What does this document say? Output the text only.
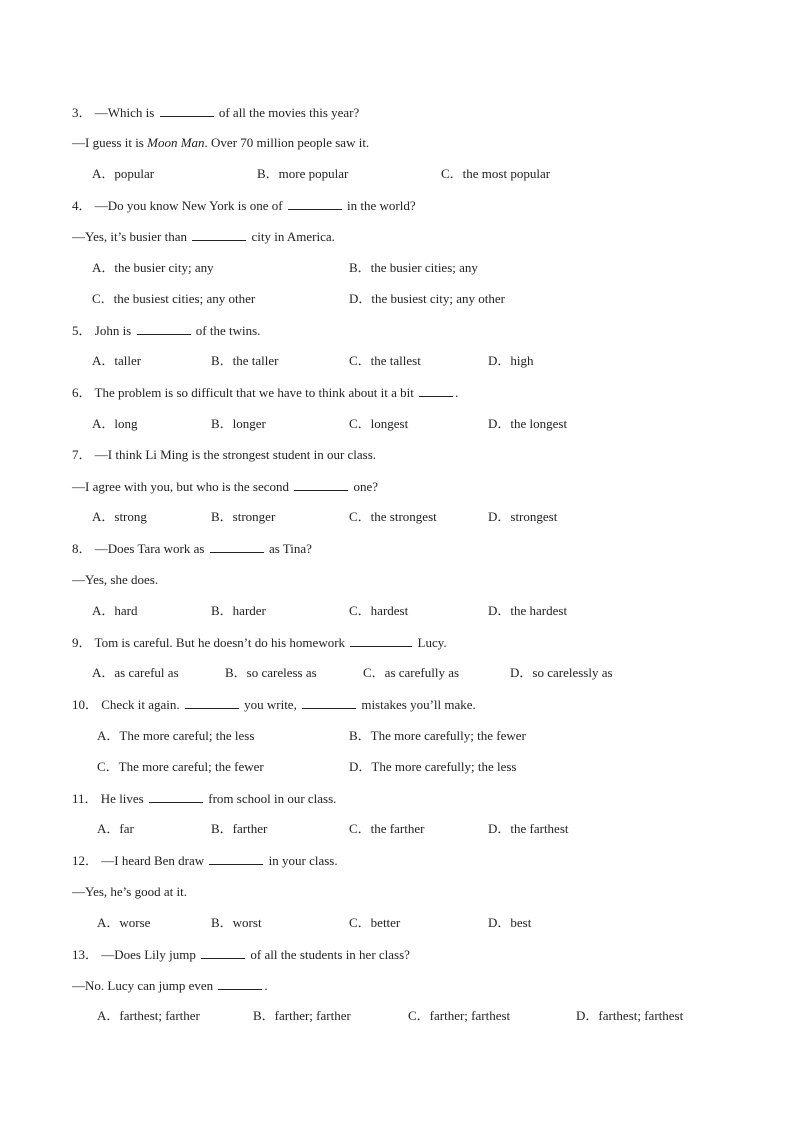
3． —Which is	of all the movies this year?
—I guess it is Moon Man. Over 70 million people saw it.
A．popular	B．more popular	C．the most popular
4． —Do you know New York is one of	in the world?
—Yes, it’s busier than	city in America.
A．the busier city; any	B．the busier cities; any
C．the busiest cities; any other	D．the busiest city; any other
5． John is	of the twins.
A．taller	B．the taller	C．the tallest	D．high
6． The problem is so difficult that we have to think about it a bit	.
A．long	B．longer	C．longest	D．the longest
7． —I think Li Ming is the strongest student in our class.
—I agree with you, but who is the second	one?
A．strong	B．stronger	C．the strongest	D．strongest
8． —Does Tara work as	as Tina?
—Yes, she does.
A．hard	B．harder	C．hardest	D．the hardest
9． Tom is careful. But he doesn’t do his homework	Lucy.
A．as careful as	B．so careless as	C．as carefully as	D．so carelessly as
10． Check it again.	you write,	mistakes you’ll make.
A．The more careful; the less	B．The more carefully; the fewer
C．The more careful; the fewer	D．The more carefully; the less
11． He lives	from school in our class.
A．far	B．farther	C．the farther	D．the farthest
12． —I heard Ben draw	in your class.
—Yes, he’s good at it.
A．worse	B．worst	C．better	D．best
13． —Does Lily jump	of all the students in her class?
—No. Lucy can jump even	.
A．farthest; farther	B．farther; farther	C．farther; farthest	D．farthest; farthest
